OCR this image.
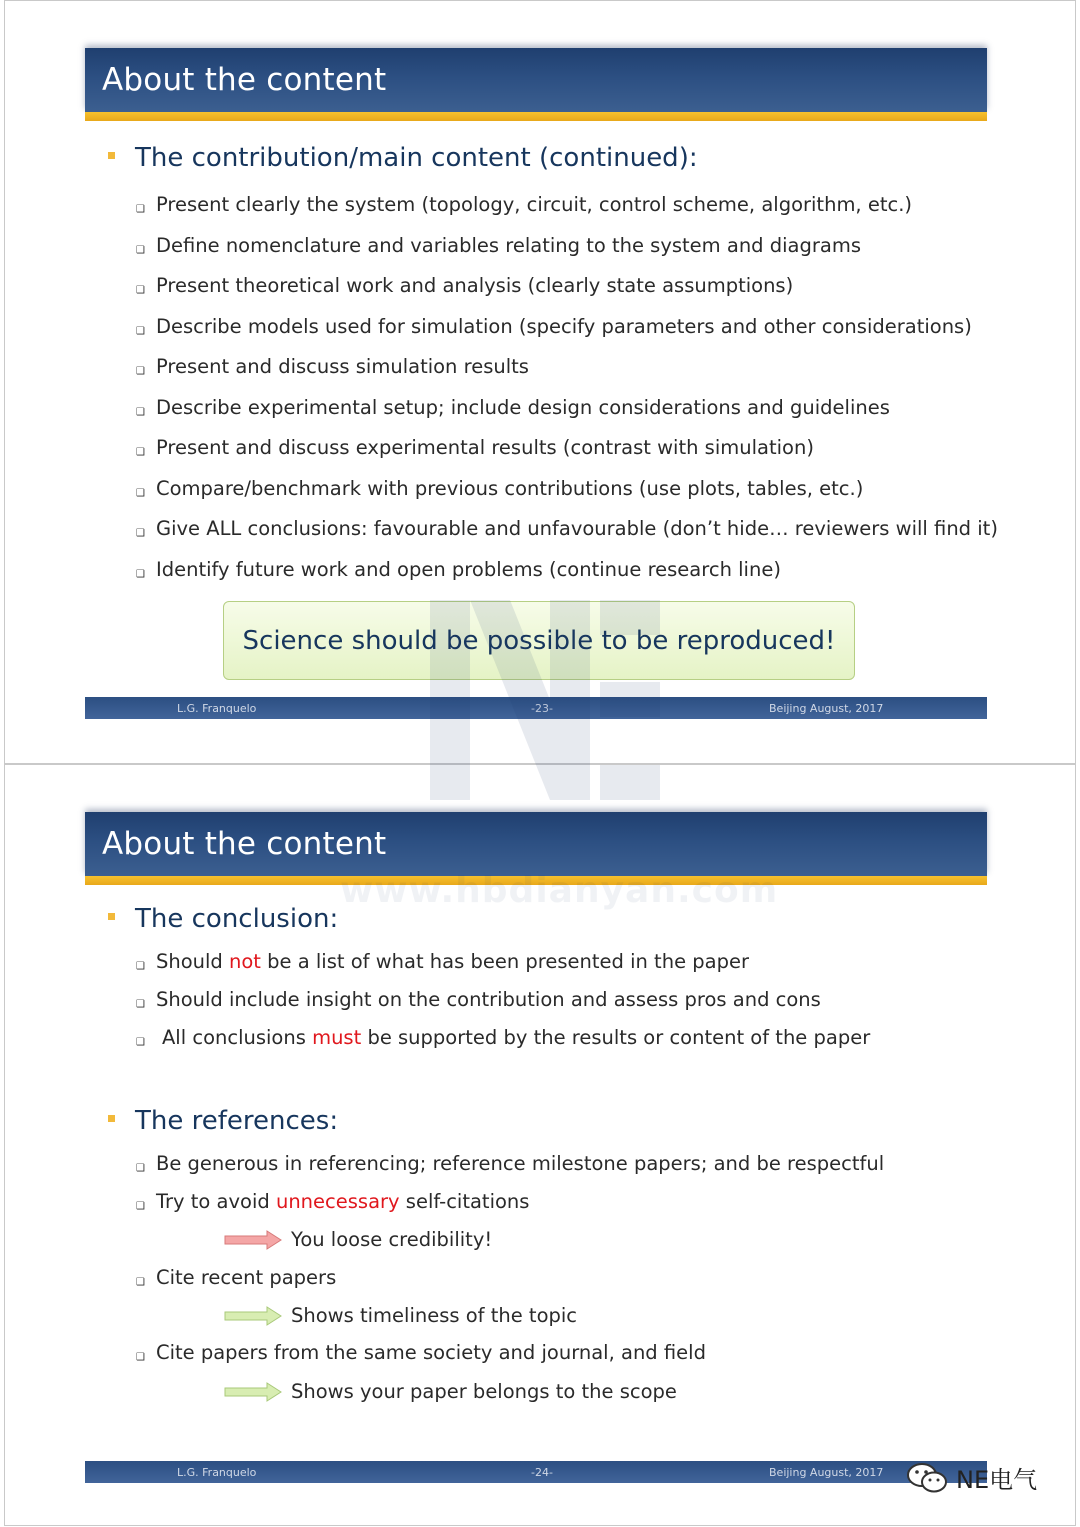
About the content
The contribution/main content (continued):
❑ Present clearly the system (topology, circuit, control scheme, algorithm, etc.)
❑ Define nomenclature and variables relating to the system and diagrams
❑ Present theoretical work and analysis (clearly state assumptions)
❑ Describe models used for simulation (specify parameters and other considerations)
❑ Present and discuss simulation results
❑ Describe experimental setup; include design considerations and guidelines
❑ Present and discuss experimental results (contrast with simulation)
❑ Compare/benchmark with previous contributions (use plots, tables, etc.)
❑ Give ALL conclusions: favourable and unfavourable (don’t hide… reviewers will find it)
❑ Identify future work and open problems (continue research line)
Science should be possible to be reproduced!
L.G. Franquelo	-23-	Beijing August, 2017
About the content
The conclusion:
❑ Should not be a list of what has been presented in the paper
❑ Should include insight on the contribution and assess pros and cons
❑ All conclusions must be supported by the results or content of the paper
The references:
❑ Be generous in referencing; reference milestone papers; and be respectful
❑ Try to avoid unnecessary self-citations
You loose credibility!
❑ Cite recent papers
Shows timeliness of the topic
❑ Cite papers from the same society and journal, and field
Shows your paper belongs to the scope
L.G. Franquelo	-24-	Beijing August, 2017
www.hbdianyan.com
NE电气
